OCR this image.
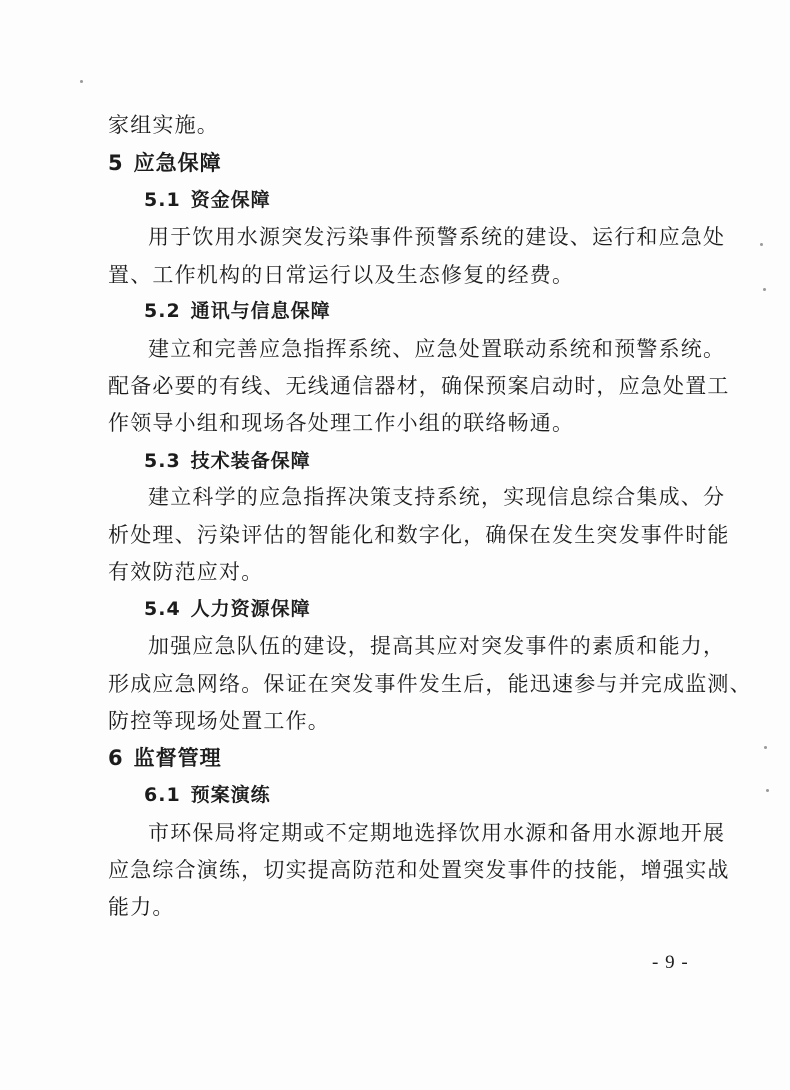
家组实施。
5 应急保障
5.1 资金保障
用于饮用水源突发污染事件预警系统的建设、运行和应急处
置、工作机构的日常运行以及生态修复的经费。
5.2 通讯与信息保障
建立和完善应急指挥系统、应急处置联动系统和预警系统。
配备必要的有线、无线通信器材，确保预案启动时，应急处置工
作领导小组和现场各处理工作小组的联络畅通。
5.3 技术装备保障
建立科学的应急指挥决策支持系统，实现信息综合集成、分
析处理、污染评估的智能化和数字化，确保在发生突发事件时能
有效防范应对。
5.4 人力资源保障
加强应急队伍的建设，提高其应对突发事件的素质和能力，
形成应急网络。保证在突发事件发生后，能迅速参与并完成监测、
防控等现场处置工作。
6 监督管理
6.1 预案演练
市环保局将定期或不定期地选择饮用水源和备用水源地开展
应急综合演练，切实提高防范和处置突发事件的技能，增强实战
能力。
- 9 -
